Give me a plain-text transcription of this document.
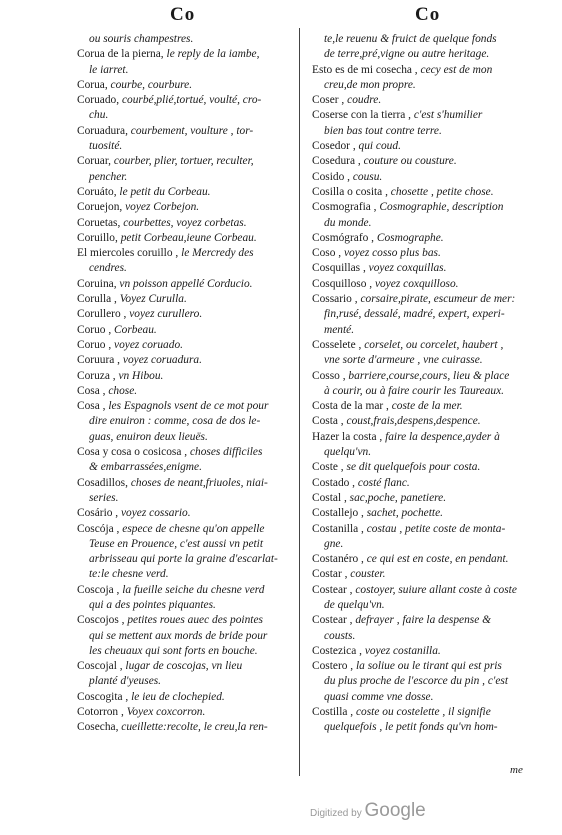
Co	Co
ou souris champestres.
Corua de la pierna, le reply de la iambe,
le iarret.
Corua, courbe, courbure.
Coruado, courbé,plié,tortué, voulté, cro-
chu.
Coruadura, courbement, voulture , tor-
tuosité.
Coruar, courber, plier, tortuer, reculter,
pencher.
Coruáto, le petit du Corbeau.
Coruejon, voyez Corbejon.
Coruetas, courbettes, voyez corbetas.
Coruillo, petit Corbeau,ieune Corbeau.
El miercoles coruillo , le Mercredy des
cendres.
Coruina, vn poisson appellé Corducio.
Corulla , Voyez Curulla.
Corullero , voyez curullero.
Coruo , Corbeau.
Coruo , voyez coruado.
Coruura , voyez coruadura.
Coruza , vn Hibou.
Cosa , chose.
Cosa , les Espagnols vsent de ce mot pour
dire enuiron : comme, cosa de dos le-
guas, enuiron deux lieuës.
Cosa y cosa o cosicosa , choses difficiles
& embarrassées,enigme.
Cosadillos, choses de neant,friuoles, niai-
series.
Cosário , voyez cossario.
Coscója , espece de chesne qu'on appelle
Teuse en Prouence, c'est aussi vn petit
arbrisseau qui porte la graine d'escarlat-
te:le chesne verd.
Coscoja , la fueille seiche du chesne verd
qui a des pointes piquantes.
Coscojos , petites roues auec des pointes
qui se mettent aux mords de bride pour
les cheuaux qui sont forts en bouche.
Coscojal , lugar de coscojas, vn lieu
planté d'yeuses.
Coscogita , le ieu de clochepied.
Cotorron , Voyex coxcorron.
Cosecha, cueillette:recolte, le creu,la ren-
te,le reuenu & fruict de quelque fonds
de terre,pré,vigne ou autre heritage.
Esto es de mi cosecha , cecy est de mon
creu,de mon propre.
Coser , coudre.
Coserse con la tierra , c'est s'humilier
bien bas tout contre terre.
Cosedor , qui coud.
Cosedura , couture ou cousture.
Cosido , cousu.
Cosilla o cosita , chosette , petite chose.
Cosmografia , Cosmographie, description
du monde.
Cosmógrafo , Cosmographe.
Coso , voyez cosso plus bas.
Cosquillas , voyez coxquillas.
Cosquilloso , voyez coxquilloso.
Cossario , corsaire,pirate, escumeur de mer:
fin,rusé, dessalé, madré, expert, experi-
menté.
Cosselete , corselet, ou corcelet, haubert ,
vne sorte d'armeure , vne cuirasse.
Cosso , barriere,course,cours, lieu & place
à courir, ou à faire courir les Taureaux.
Costa de la mar , coste de la mer.
Costa , coust,frais,despens,despence.
Hazer la costa , faire la despence,ayder à
quelqu'vn.
Coste , se dit quelquefois pour costa.
Costado , costé flanc.
Costal , sac,poche, panetiere.
Costallejo , sachet, pochette.
Costanilla , costau , petite coste de monta-
gne.
Costanéro , ce qui est en coste, en pendant.
Costar , couster.
Costear , costoyer, suiure allant coste à coste
de quelqu'vn.
Costear , defrayer , faire la despense &
cousts.
Costezica , voyez costanilla.
Costero , la soliue ou le tirant qui est pris
du plus proche de l'escorce du pin , c'est
quasi comme vne dosse.
Costilla , coste ou costelette , il signifie
quelquefois , le petit fonds qu'vn hom-
me
Digitized by Google
